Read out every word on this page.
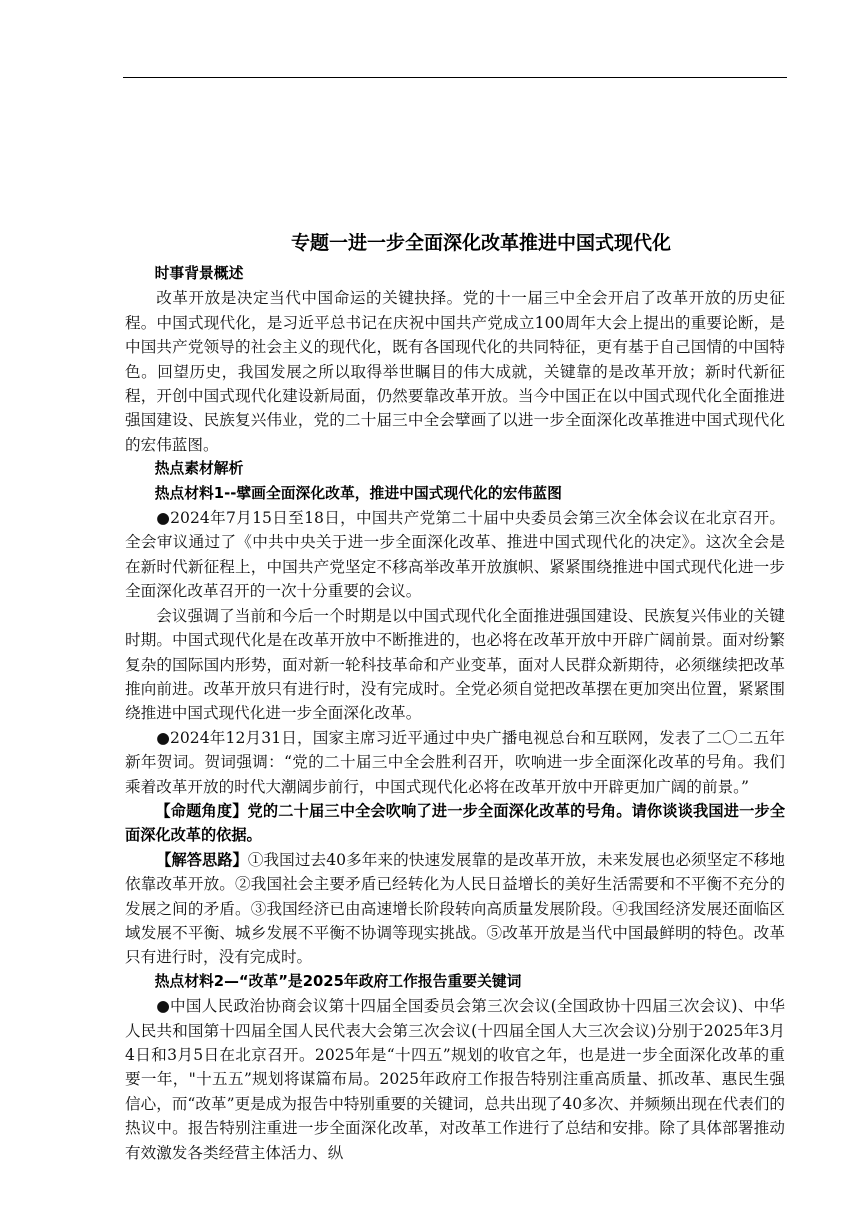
专题一进一步全面深化改革推进中国式现代化
时事背景概述
改革开放是决定当代中国命运的关键抉择。党的十一届三中全会开启了改革开放的历史征程。中国式现代化，是习近平总书记在庆祝中国共产党成立100周年大会上提出的重要论断，是中国共产党领导的社会主义的现代化，既有各国现代化的共同特征，更有基于自己国情的中国特色。回望历史，我国发展之所以取得举世瞩目的伟大成就，关键靠的是改革开放；新时代新征程，开创中国式现代化建设新局面，仍然要靠改革开放。当今中国正在以中国式现代化全面推进强国建设、民族复兴伟业，党的二十届三中全会擘画了以进一步全面深化改革推进中国式现代化的宏伟蓝图。
热点素材解析
热点材料1--擘画全面深化改革，推进中国式现代化的宏伟蓝图
●2024年7月15日至18日，中国共产党第二十届中央委员会第三次全体会议在北京召开。全会审议通过了《中共中央关于进一步全面深化改革、推进中国式现代化的决定》。这次全会是在新时代新征程上，中国共产党坚定不移高举改革开放旗帜、紧紧围绕推进中国式现代化进一步全面深化改革召开的一次十分重要的会议。
会议强调了当前和今后一个时期是以中国式现代化全面推进强国建设、民族复兴伟业的关键时期。中国式现代化是在改革开放中不断推进的，也必将在改革开放中开辟广阔前景。面对纷繁复杂的国际国内形势，面对新一轮科技革命和产业变革，面对人民群众新期待，必须继续把改革推向前进。改革开放只有进行时，没有完成时。全党必须自觉把改革摆在更加突出位置，紧紧围绕推进中国式现代化进一步全面深化改革。
●2024年12月31日，国家主席习近平通过中央广播电视总台和互联网，发表了二〇二五年新年贺词。贺词强调：“党的二十届三中全会胜利召开，吹响进一步全面深化改革的号角。我们乘着改革开放的时代大潮阔步前行，中国式现代化必将在改革开放中开辟更加广阔的前景。”
【命题角度】党的二十届三中全会吹响了进一步全面深化改革的号角。请你谈谈我国进一步全面深化改革的依据。
【解答思路】①我国过去40多年来的快速发展靠的是改革开放，未来发展也必须坚定不移地依靠改革开放。②我国社会主要矛盾已经转化为人民日益增长的美好生活需要和不平衡不充分的发展之间的矛盾。③我国经济已由高速增长阶段转向高质量发展阶段。④我国经济发展还面临区域发展不平衡、城乡发展不平衡不协调等现实挑战。⑤改革开放是当代中国最鲜明的特色。改革只有进行时，没有完成时。
热点材料2—“改革”是2025年政府工作报告重要关键词
●中国人民政治协商会议第十四届全国委员会第三次会议(全国政协十四届三次会议)、中华人民共和国第十四届全国人民代表大会第三次会议(十四届全国人大三次会议)分别于2025年3月4日和3月5日在北京召开。2025年是“十四五”规划的收官之年，也是进一步全面深化改革的重要一年，"十五五”规划将谋篇布局。2025年政府工作报告特别注重高质量、抓改革、惠民生强信心，而“改革”更是成为报告中特别重要的关键词，总共出现了40多次、并频频出现在代表们的热议中。报告特别注重进一步全面深化改革，对改革工作进行了总结和安排。除了具体部署推动有效激发各类经营主体活力、纵
